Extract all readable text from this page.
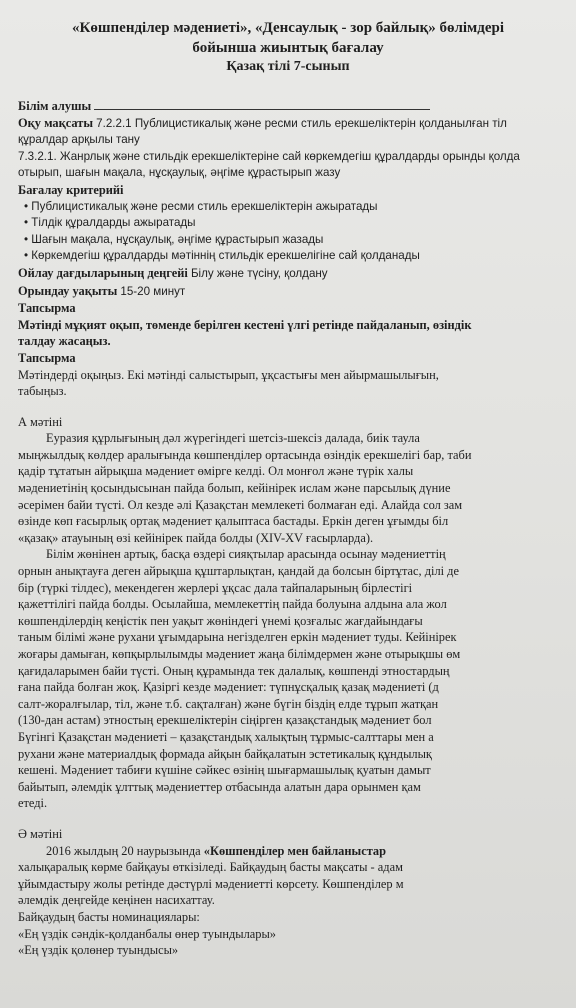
«Көшпенділер мәдениеті», «Денсаулық - зор байлық» бөлімдері

бойынша жиынтық бағалау

Қазақ тілі 7-сынып

Білім алушы
Оқу мақсаты 7.2.2.1 Публицистикалық және ресми стиль ерекшеліктерін қолданылған тіл
құралдар арқылы тану
7.3.2.1. Жанрлық және стильдік ерекшеліктеріне сай көркемдегіш құралдарды орынды қолда
отырып, шағын мақала, нұсқаулық, әңгіме құрастырып жазу
Бағалау критерийі
• Публицистикалық және ресми стиль ерекшеліктерін ажыратады
• Тілдік құралдарды ажыратады
• Шағын мақала, нұсқаулық, әңгіме құрастырып жазады
• Көркемдегіш құралдарды мәтіннің стильдік ерекшелігіне сай қолданады
Ойлау дағдыларының деңгейі Білу және түсіну, қолдану
Орындау уақыты 15-20 минут
Тапсырма
Мәтінді мұқият оқып, төменде берілген кестені үлгі ретінде пайдаланып, өзіндік
талдау жасаңыз.
Тапсырма
Мәтіндерді оқыңыз. Екі мәтінді салыстырып, ұқсастығы мен айырмашылығын,
табыңыз.
А мәтіні
Еуразия құрлығының дәл жүрегіндегі шетсіз-шексіз далада, биік таула
мыңжылдық көлдер аралығында көшпенділер ортасында өзіндік ерекшелігі бар, таби
қадір тұтатын айрықша мәдениет өмірге келді. Ол монғол және түрік халы
мәдениетінің қосындысынан пайда болып, кейінірек ислам және парсылық дүние
әсерімен байи түсті. Ол кезде әлі Қазақстан мемлекеті болмаған еді. Алайда сол зам
өзінде көп ғасырлық ортақ мәдениет қалыптаса бастады. Еркін деген ұғымды біл
«қазақ» атауының өзі кейінірек пайда болды (XIV-XV ғасырларда).
Білім жөнінен артық, басқа өздері сияқтылар арасында осынау мәдениеттің
орнын анықтауға деген айрықша құштарлықтан, қандай да болсын біртұтас, ділі де
бір (түркі тілдес), мекендеген жерлері ұқсас дала тайпаларының бірлестігі
қажеттілігі пайда болды. Осылайша, мемлекеттің пайда болуына алдына ала жол
көшпенділердің кеңістік пен уақыт жөніндегі үнемі қозғалыс жағдайындағы
таным білімі және рухани ұғымдарына негізделген еркін мәдениет туды. Кейінірек
жоғары дамыған, көпқырлылымды мәдениет жаңа білімдермен және отырықшы өм
қағидаларымен байи түсті. Оның құрамында тек далалық, көшпенді этностардың
ғана пайда болған жоқ. Қазіргі кезде мәдениет: түпнұсқалық қазақ мәдениеті (д
салт-жоралғылар, тіл, және т.б. сақталған) және бүгін біздің елде тұрып жатқан
(130-дан астам) этностың ерекшеліктерін сіңірген қазақстандық мәдениет бол
Бүгінгі Қазақстан мәдениеті – қазақстандық халықтың тұрмыс-салттары мен а
рухани және материалдық формада айқын байқалатын эстетикалық құндылық
кешені. Мәдениет табиғи күшіне сәйкес өзінің шығармашылық қуатын дамыт
байытып, әлемдік ұлттық мәдениеттер отбасында алатын дара орынмен қам
етеді.
Ә мәтіні
2016 жылдың 20 наурызында «Көшпенділер мен байланыстар
халықаралық көрме байқауы өткізіледі. Байқаудың басты мақсаты - адам
ұйымдастыру жолы ретінде дәстүрлі мәдениетті көрсету. Көшпенділер м
әлемдік деңгейде кеңінен насихаттау.
Байқаудың басты номинациялары:
«Ең үздік сәндік-қолданбалы өнер туындылары»
«Ең үздік қолөнер туындысы»
